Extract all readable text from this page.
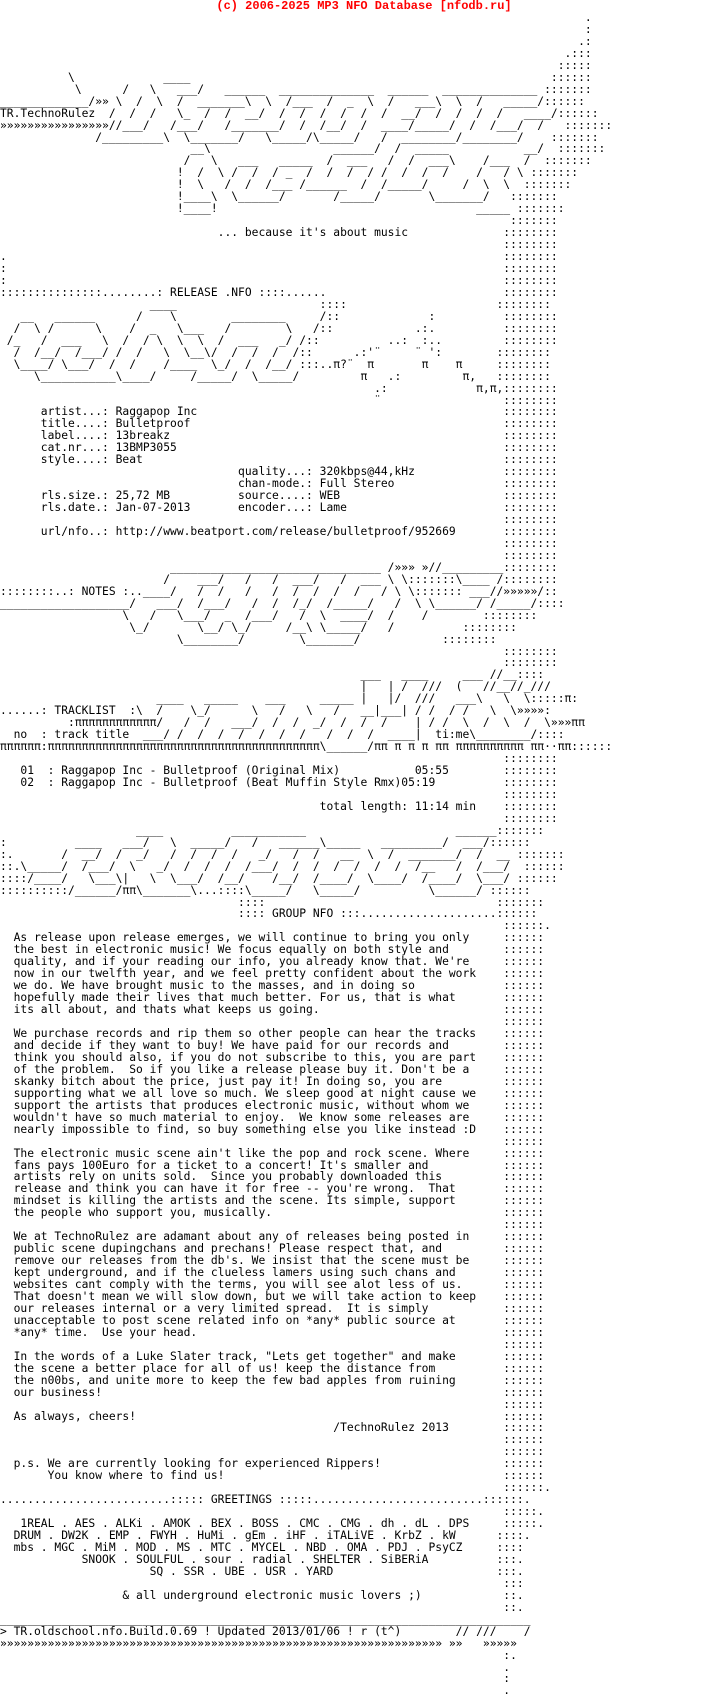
(c) 2006-2025 MP3 NFO Database [nfodb.ru]
.
:
.:
.:::
:::::
\             ____                                                     ::::::
\      /   \   ___/   ______  ______________  ______  ______________ :::::::
_____________/»» \  /  \  /  _______\  \  /___  /  _  \  /   ___\  \  /   _____/::::::
TR.TechnoRulez  /  /  /   \_  /  /  __/  /  /  /  /  /  /  __/  /  /  /  /   ____/::::::
»»»»»»»»»»»»»»»»//___/   /___/   /_______/  /  /__/  /  ____/_____/  /  /___/  /   :::::::
/_________\  \_______/   \_____/\_____/   /  ________/________/    :::::::
__\                  ______/  /  _____           __/  :::::::
/   \   ___   _____  /  ___   /  /  ___\    /___  /  :::::::
!  /  \ /  /  / _  /  /  /  / /  /  /  /    /   / \ :::::::
!  \   /  /  /___ /______  /  /_____/     /  \  \  :::::::
!____\  \______/       /_____/       \_______/   :::::::
!____!                                      _____ :::::::
:::::::
... because it's about music              ::::::::
::::::::
.                                                                         ::::::::
:                                                                         ::::::::
:                                                                         ::::::::
:::::::::::::::........: RELEASE .NFO ::::......                          ::::::::
____                     ::::                      ::::::::
__   ______      /    \        ________     /::             :          ::::::::
/  \ /      \    /  _   \___   /        \   /::            .:.          ::::::::
/_   /  ___   \  /  / \  \  \  /  ___   _/ /::          ..:  :..         ::::::::
/  /__/  /___/ /  /   \  \__\/  /  /  /  /::      .:'¨     ¨ ':        ::::::::
\____/ \___/  /  /    /____  \_/  /  /__/ :::..π?¨  π       π    π     ::::::::
\___________\____/     /_____/  \_____/         π   .:         π,   ::::::::
.:             π,π,::::::::
¨                  ::::::::
artist...: Raggapop Inc                                             ::::::::
title....: Bulletproof                                              ::::::::
label....: 13breakz                                                 ::::::::
cat.nr...: 13BMP3055                                                ::::::::
style....: Beat                                                     ::::::::
quality...: 320kbps@44,kHz             ::::::::
chan-mode.: Full Stereo                ::::::::
rls.size.: 25,72 MB          source....: WEB                        ::::::::
rls.date.: Jan-07-2013       encoder...: Lame                       ::::::::
::::::::
url/nfo..: http://www.beatport.com/release/bulletproof/952669       ::::::::
::::::::
::::::::
_______________________________ /»»» »//_________::::::::
/    ___/   /   /  ___/   /  ___ \ \:::::::\____ /::::::::
::::::::..: NOTES :..____/   /  /   /   /  /  /  /  /   / \ \::::::: ___//»»»»»/::
___________________/   ___/  /___/   /  /  /_/  /_____/   /  \ \______/ /_____/::::
\   /   \___/  _  /___/   /  \  ____/  /    /        ::::::::
\_/       \__/ \_/     /__\ \_____/   /          ::::::::
\________/        \_______/            ::::::::
::::::::
::::::::
___   ____     ___ //__::::
|   | /  ///  (   //__//_///
____   _____    ___     _____ |   |/  ///   ___\   \  \:::::π:
......: TRACKLIST  :\  /    \_/      \   /   \   /   __|___| / /  / /   \  \»»»»:
:ππππππππππππ/   /  /   ___/  /  /  _/  /  /  /    | / /  \  /  \  /  \»»»ππ
no  : track title  ___/ /  /  /  /  /  /  /   /  /  /  ____|  ti:me\________/::::
ππππππ:ππππππππππππππππππππππππππππππππππππππππ\______/ππ π π π ππ ππππππππππ ππ··ππ::::::
::::::::
01  : Raggapop Inc - Bulletproof (Original Mix)           05:55        ::::::::
02  : Raggapop Inc - Bulletproof (Beat Muffin Style Rmx)05:19          ::::::::
::::::::
total length: 11:14 min    ::::::::
::::::::
____          ___________                      ______:::::::
:          ____   ___/   \  _____/   /   ______\_____   _________/  ___/::::::
:.       /  __/  /  _/   /  /  /  /   _/   /  /   __  \  /  _______/  /  __ :::::::
::.\_____/  /___/  \   _/  /  /  /  /___/  /  /  /  /  /  /  /__   /  /___/  ::::::
::::/____/   \___\|   \  \___/  /__/    /__/  /____/  \____/  /____/  \___/ ::::::
::::::::::/______/ππ\_______\...::::\_____/   \_____/          \______/ ::::::
::::                                  :::::::
:::: GROUP NFO :::....................::::::
::::::.
As release upon release emerges, we will continue to bring you only     ::::::
the best in electronic music! We focus equally on both style and        ::::::
quality, and if your reading our info, you already know that. We're     ::::::
now in our twelfth year, and we feel pretty confident about the work    ::::::
we do. We have brought music to the masses, and in doing so             ::::::
hopefully made their lives that much better. For us, that is what       ::::::
its all about, and thats what keeps us going.                           ::::::
::::::
We purchase records and rip them so other people can hear the tracks    ::::::
and decide if they want to buy! We have paid for our records and        ::::::
think you should also, if you do not subscribe to this, you are part    ::::::
of the problem.  So if you like a release please buy it. Don't be a     ::::::
skanky bitch about the price, just pay it! In doing so, you are         ::::::
supporting what we all love so much. We sleep good at night cause we    ::::::
support the artists that produces electronic music, without whom we     ::::::
wouldn't have so much material to enjoy.  We know some releases are     ::::::
nearly impossible to find, so buy something else you like instead :D    ::::::
::::::
The electronic music scene ain't like the pop and rock scene. Where     ::::::
fans pays 100Euro for a ticket to a concert! It's smaller and           ::::::
artists rely on units sold.  Since you probably downloaded this         ::::::
release and think you can have it for free -- you're wrong.  That       ::::::
mindset is killing the artists and the scene. Its simple, support       ::::::
the people who support you, musically.                                  ::::::
::::::
We at TechnoRulez are adamant about any of releases being posted in     ::::::
public scene dupingchans and prechans! Please respect that, and         ::::::
remove our releases from the db's. We insist that the scene must be     ::::::
kept underground, and if the clueless lamers using such chans and       ::::::
websites cant comply with the terms, you will see alot less of us.      ::::::
That doesn't mean we will slow down, but we will take action to keep    ::::::
our releases internal or a very limited spread.  It is simply           ::::::
unacceptable to post scene related info on *any* public source at       ::::::
*any* time.  Use your head.                                             ::::::
::::::
In the words of a Luke Slater track, "Lets get together" and make       ::::::
the scene a better place for all of us! keep the distance from          ::::::
the n00bs, and unite more to keep the few bad apples from ruining       ::::::
our business!                                                           ::::::
::::::
As always, cheers!                                                      ::::::
/TechnoRulez 2013        ::::::
::::::
::::::
p.s. We are currently looking for experienced Rippers!                  ::::::
You know where to find us!                                         ::::::
::::::.
.........................::::: GREETINGS :::::.........................::::::.
:::::.
1REAL . AES . ALKi . AMOK . BEX . BOSS . CMC . CMG . dh . dL . DPS     :::::.
DRUM . DW2K . EMP . FWYH . HuMi . gEm . iHF . iTALiVE . KrbZ . kW      ::::.
mbs . MGC . MiM . MOD . MS . MTC . MYCEL . NBD . OMA . PDJ . PsyCZ     ::::
SNOOK . SOULFUL . sour . radial . SHELTER . SiBERiA          :::.
SQ . SSR . UBE . USR . YARD                        :::.
:::
& all underground electronic music lovers ;)            ::.
::.
______________________________________________________________________________
> TR.oldschool.nfo.Build.0.69 ! Updated 2013/01/06 ! r (t^)        // ///    /
»»»»»»»»»»»»»»»»»»»»»»»»»»»»»»»»»»»»»»»»»»»»»»»»»»»»»»»»»»»»»»»»» »»   »»»»»
:.
.
:
.
